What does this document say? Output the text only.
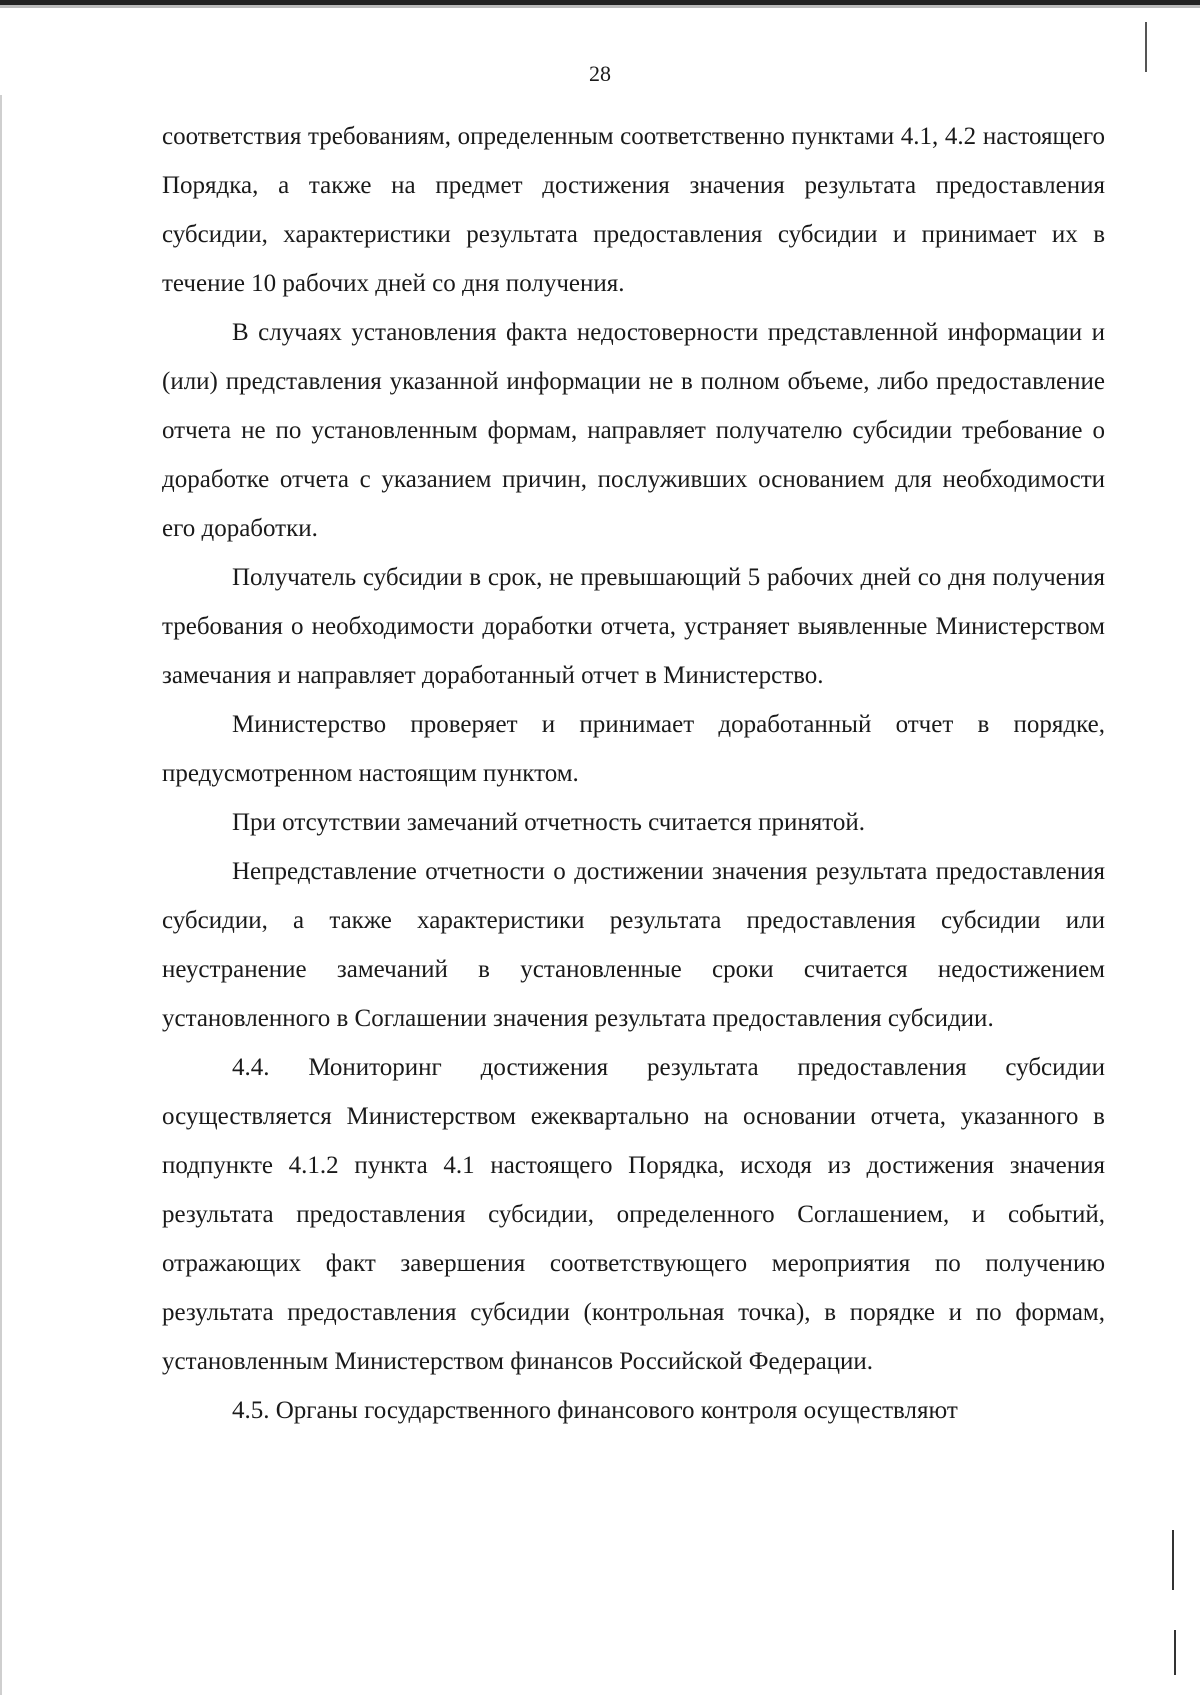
28

соответствия требованиям, определенным соответственно пунктами 4.1, 4.2 настоящего Порядка, а также на предмет достижения значения результата предоставления субсидии, характеристики результата предоставления субсидии и принимает их в течение 10 рабочих дней со дня получения.

В случаях установления факта недостоверности представленной информации и (или) представления указанной информации не в полном объеме, либо предоставление отчета не по установленным формам, направляет получателю субсидии требование о доработке отчета с указанием причин, послуживших основанием для необходимости его доработки.

Получатель субсидии в срок, не превышающий 5 рабочих дней со дня получения требования о необходимости доработки отчета, устраняет выявленные Министерством замечания и направляет доработанный отчет в Министерство.

Министерство проверяет и принимает доработанный отчет в порядке, предусмотренном настоящим пунктом.

При отсутствии замечаний отчетность считается принятой.

Непредставление отчетности о достижении значения результата предоставления субсидии, а также характеристики результата предоставления субсидии или неустранение замечаний в установленные сроки считается недостижением установленного в Соглашении значения результата предоставления субсидии.

4.4. Мониторинг достижения результата предоставления субсидии осуществляется Министерством ежеквартально на основании отчета, указанного в подпункте 4.1.2 пункта 4.1 настоящего Порядка, исходя из достижения значения результата предоставления субсидии, определенного Соглашением, и событий, отражающих факт завершения соответствующего мероприятия по получению результата предоставления субсидии (контрольная точка), в порядке и по формам, установленным Министерством финансов Российской Федерации.

4.5. Органы государственного финансового контроля осуществляют
